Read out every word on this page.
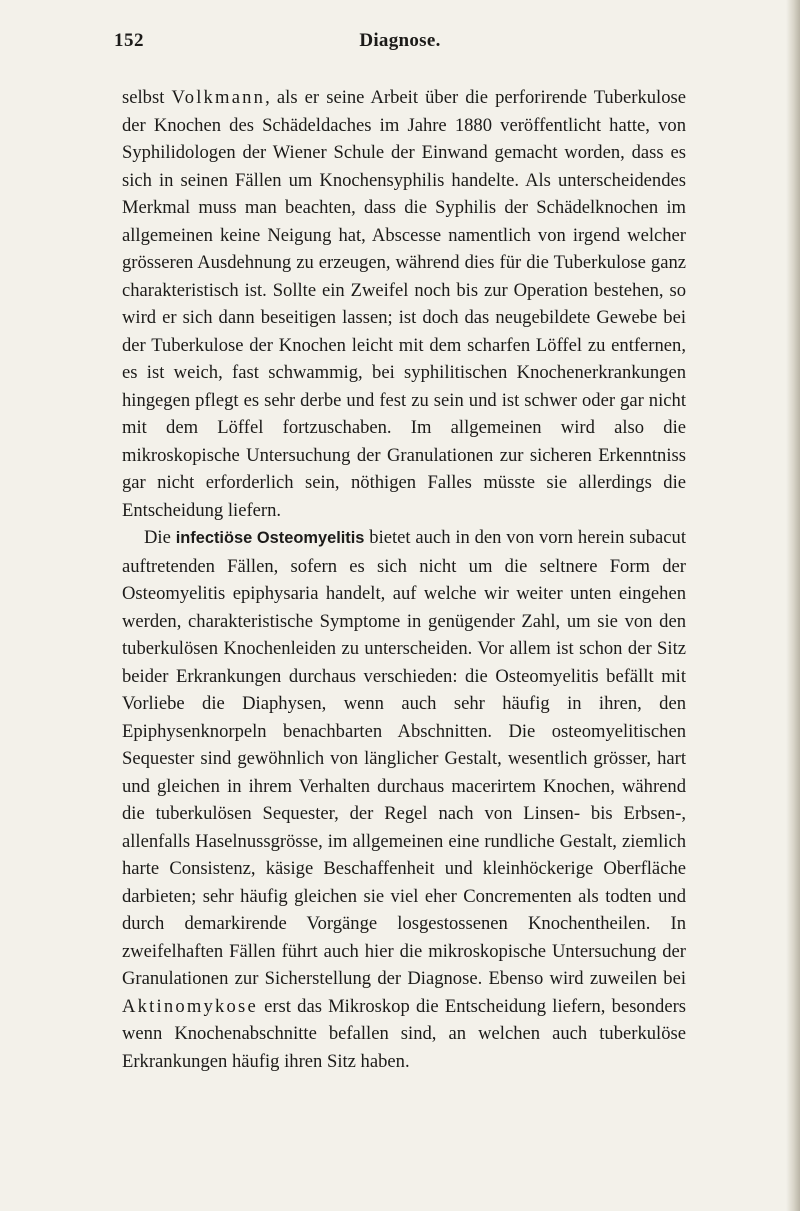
152	Diagnose.

selbst Volkmann, als er seine Arbeit über die perforirende Tuberkulose der Knochen des Schädeldaches im Jahre 1880 veröffentlicht hatte, von Syphilidologen der Wiener Schule der Einwand gemacht worden, dass es sich in seinen Fällen um Knochensyphilis handelte. Als unterscheidendes Merkmal muss man beachten, dass die Syphilis der Schädelknochen im allgemeinen keine Neigung hat, Abscesse namentlich von irgend welcher grösseren Ausdehnung zu erzeugen, während dies für die Tuberkulose ganz charakteristisch ist. Sollte ein Zweifel noch bis zur Operation bestehen, so wird er sich dann beseitigen lassen; ist doch das neugebildete Gewebe bei der Tuberkulose der Knochen leicht mit dem scharfen Löffel zu entfernen, es ist weich, fast schwammig, bei syphilitischen Knochenerkrankungen hingegen pflegt es sehr derbe und fest zu sein und ist schwer oder gar nicht mit dem Löffel fortzuschaben. Im allgemeinen wird also die mikroskopische Untersuchung der Granulationen zur sicheren Erkenntniss gar nicht erforderlich sein, nöthigen Falles müsste sie allerdings die Entscheidung liefern.

Die infectiöse Osteomyelitis bietet auch in den von vorn herein subacut auftretenden Fällen, sofern es sich nicht um die seltnere Form der Osteomyelitis epiphysaria handelt, auf welche wir weiter unten eingehen werden, charakteristische Symptome in genügender Zahl, um sie von den tuberkulösen Knochenleiden zu unterscheiden. Vor allem ist schon der Sitz beider Erkrankungen durchaus verschieden: die Osteomyelitis befällt mit Vorliebe die Diaphysen, wenn auch sehr häufig in ihren, den Epiphysenknorpeln benachbarten Abschnitten. Die osteomyelitischen Sequester sind gewöhnlich von länglicher Gestalt, wesentlich grösser, hart und gleichen in ihrem Verhalten durchaus macerirtem Knochen, während die tuberkulösen Sequester, der Regel nach von Linsen- bis Erbsen-, allenfalls Haselnussgrösse, im allgemeinen eine rundliche Gestalt, ziemlich harte Consistenz, käsige Beschaffenheit und kleinhöckerige Oberfläche darbieten; sehr häufig gleichen sie viel eher Concrementen als todten und durch demarkirende Vorgänge losgestossenen Knochentheilen. In zweifelhaften Fällen führt auch hier die mikroskopische Untersuchung der Granulationen zur Sicherstellung der Diagnose. Ebenso wird zuweilen bei Aktinomykose erst das Mikroskop die Entscheidung liefern, besonders wenn Knochenabschnitte befallen sind, an welchen auch tuberkulöse Erkrankungen häufig ihren Sitz haben.
